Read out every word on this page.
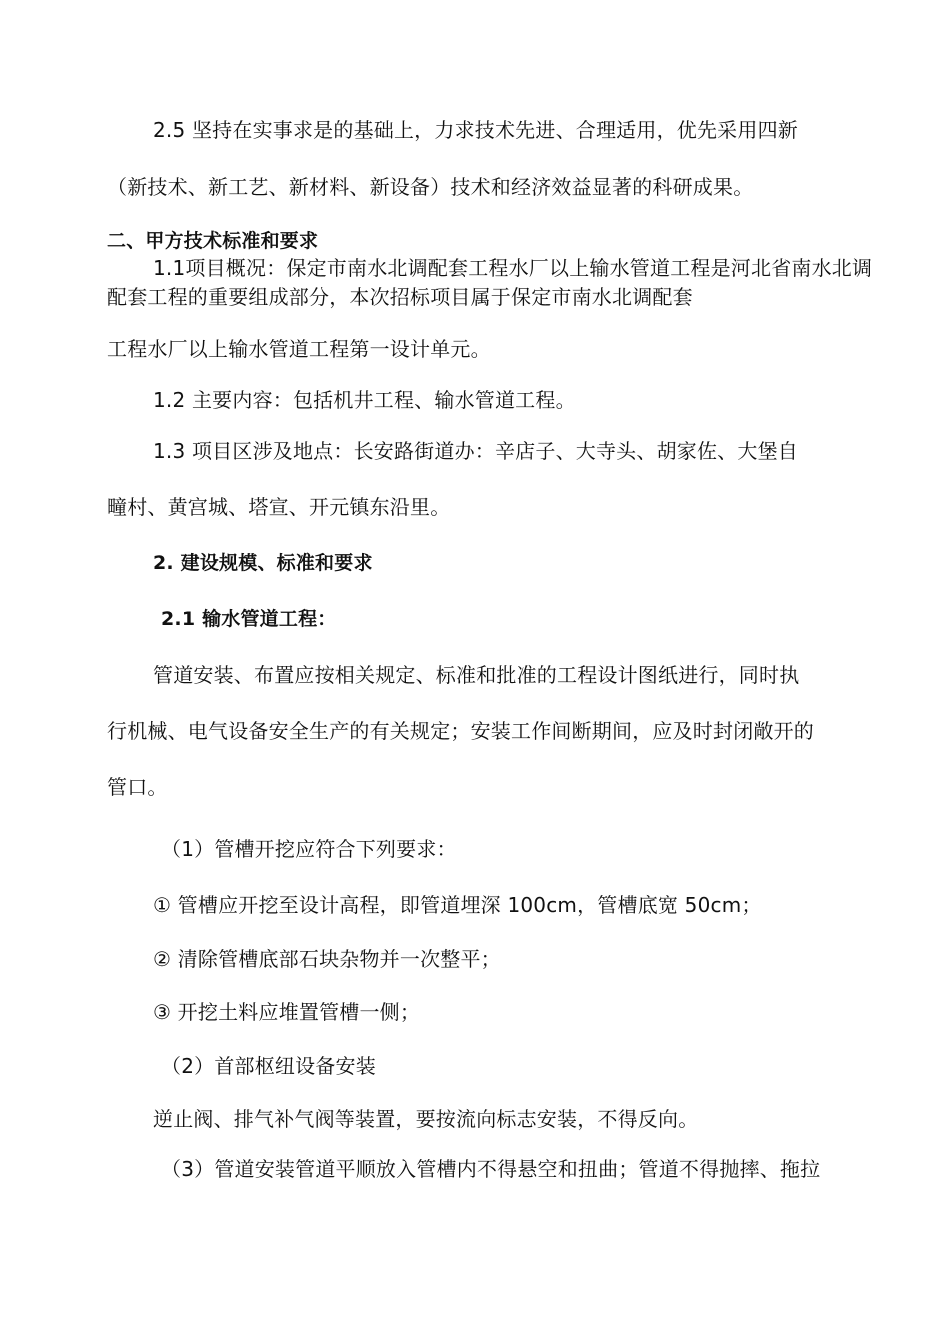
2.5 坚持在实事求是的基础上，力求技术先进、合理适用，优先采用四新
（新技术、新工艺、新材料、新设备）技术和经济效益显著的科研成果。
二、甲方技术标准和要求
1.1项目概况：保定市南水北调配套工程水厂以上输水管道工程是河北省南水北调
配套工程的重要组成部分，本次招标项目属于保定市南水北调配套
工程水厂以上输水管道工程第一设计单元。
1.2 主要内容：包括机井工程、输水管道工程。
1.3 项目区涉及地点：长安路街道办：辛店子、大寺头、胡家佐、大堡自
疃村、黄宫城、塔宣、开元镇东沿里。
2. 建设规模、标准和要求
2.1 输水管道工程：
管道安装、布置应按相关规定、标准和批准的工程设计图纸进行，同时执
行机械、电气设备安全生产的有关规定；安装工作间断期间，应及时封闭敞开的
管口。
（1）管槽开挖应符合下列要求：
① 管槽应开挖至设计高程，即管道埋深 100cm，管槽底宽 50cm；
② 清除管槽底部石块杂物并一次整平；
③ 开挖土料应堆置管槽一侧；
（2）首部枢纽设备安装
逆止阀、排气补气阀等装置，要按流向标志安装，不得反向。
（3）管道安装管道平顺放入管槽内不得悬空和扭曲；管道不得抛摔、拖拉
